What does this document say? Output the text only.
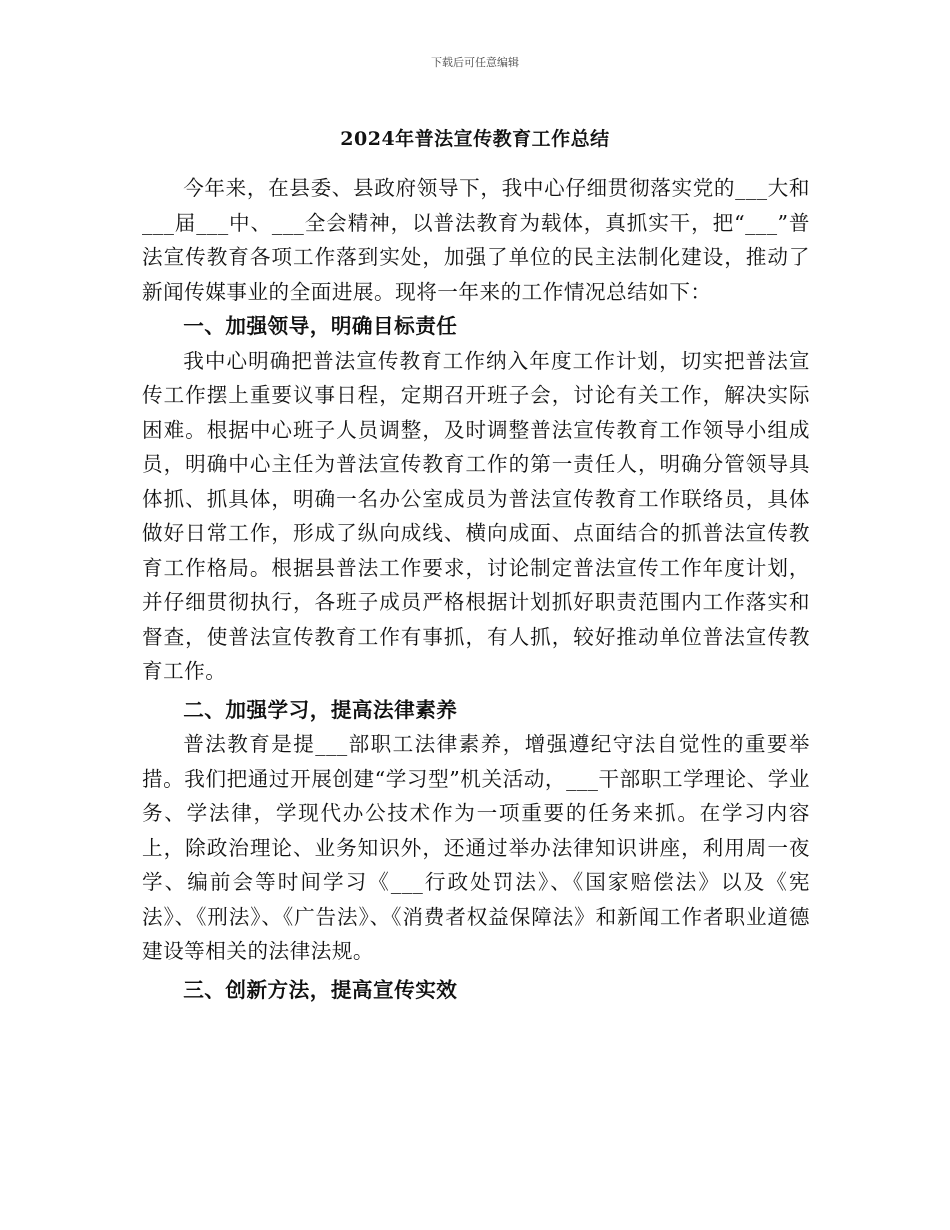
下载后可任意编辑
2024年普法宣传教育工作总结

今年来，在县委、县政府领导下，我中心仔细贯彻落实党的___大和___届___中、___全会精神，以普法教育为载体，真抓实干，把“___”普法宣传教育各项工作落到实处，加强了单位的民主法制化建设，推动了新闻传媒事业的全面进展。现将一年来的工作情况总结如下：

一、加强领导，明确目标责任

我中心明确把普法宣传教育工作纳入年度工作计划，切实把普法宣传工作摆上重要议事日程，定期召开班子会，讨论有关工作，解决实际困难。根据中心班子人员调整，及时调整普法宣传教育工作领导小组成员，明确中心主任为普法宣传教育工作的第一责任人，明确分管领导具体抓、抓具体，明确一名办公室成员为普法宣传教育工作联络员，具体做好日常工作，形成了纵向成线、横向成面、点面结合的抓普法宣传教育工作格局。根据县普法工作要求，讨论制定普法宣传工作年度计划，并仔细贯彻执行，各班子成员严格根据计划抓好职责范围内工作落实和督查，使普法宣传教育工作有事抓，有人抓，较好推动单位普法宣传教育工作。

二、加强学习，提高法律素养

普法教育是提___部职工法律素养，增强遵纪守法自觉性的重要举措。我们把通过开展创建“学习型”机关活动，___干部职工学理论、学业务、学法律，学现代办公技术作为一项重要的任务来抓。在学习内容上，除政治理论、业务知识外，还通过举办法律知识讲座，利用周一夜学、编前会等时间学习《___行政处罚法》、《国家赔偿法》以及《宪法》、《刑法》、《广告法》、《消费者权益保障法》和新闻工作者职业道德建设等相关的法律法规。

三、创新方法，提高宣传实效
